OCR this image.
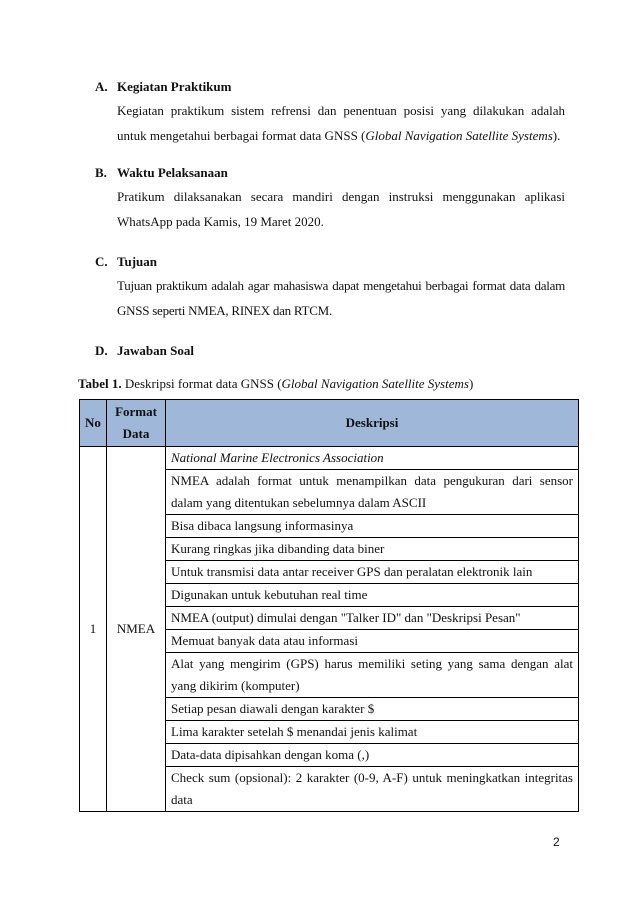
A. Kegiatan Praktikum
Kegiatan praktikum sistem refrensi dan penentuan posisi yang dilakukan adalah untuk mengetahui berbagai format data GNSS (Global Navigation Satellite Systems).
B. Waktu Pelaksanaan
Pratikum dilaksanakan secara mandiri dengan instruksi menggunakan aplikasi WhatsApp pada Kamis, 19 Maret 2020.
C. Tujuan
Tujuan praktikum adalah agar mahasiswa dapat mengetahui berbagai format data dalam GNSS seperti NMEA, RINEX dan RTCM.
D. Jawaban Soal
Tabel 1. Deskripsi format data GNSS (Global Navigation Satellite Systems)
No	Format Data	Deskripsi
1	NMEA	National Marine Electronics Association
		NMEA adalah format untuk menampilkan data pengukuran dari sensor dalam yang ditentukan sebelumnya dalam ASCII
		Bisa dibaca langsung informasinya
		Kurang ringkas jika dibanding data biner
		Untuk transmisi data antar receiver GPS dan peralatan elektronik lain
		Digunakan untuk kebutuhan real time
		NMEA (output) dimulai dengan "Talker ID" dan "Deskripsi Pesan"
		Memuat banyak data atau informasi
		Alat yang mengirim (GPS) harus memiliki seting yang sama dengan alat yang dikirim (komputer)
		Setiap pesan diawali dengan karakter $
		Lima karakter setelah $ menandai jenis kalimat
		Data-data dipisahkan dengan koma (,)
		Check sum (opsional): 2 karakter (0-9, A-F) untuk meningkatkan integritas data
2
